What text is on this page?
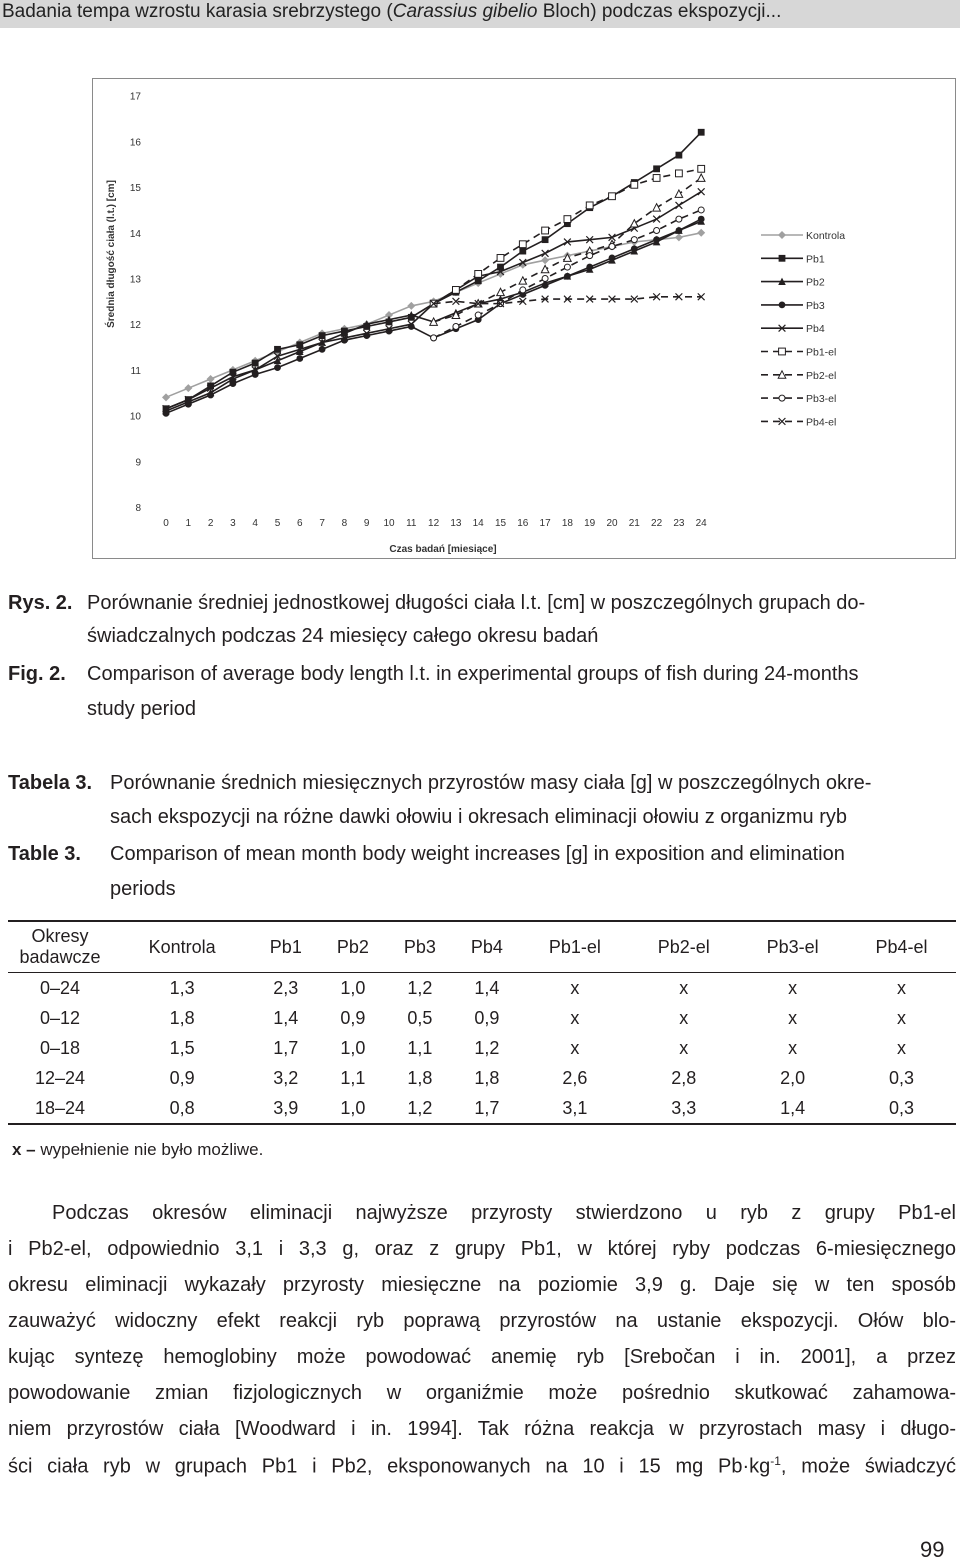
Badania tempa wzrostu karasia srebrzystego (Carassius gibelio Bloch) podczas ekspozycji...
8
9
10
11
12
13
14
15
16
17
0 1 2 3 4 5 6 7 8 9 10 11 12 13 14 15 16 17 18 19 20 21 22 23 24
Czas badań [miesiące]
Średnia długość ciała (l.t.) [cm]	Kontrola
Pb1
Pb2
Pb3
Pb4
Pb1-el
Pb2-el
Pb3-el
Pb4-el
Rys. 2. Porównanie średniej jednostkowej długości ciała l.t. [cm] w poszczególnych grupach do-
świadczalnych podczas 24 miesięcy całego okresu badań
Fig. 2. Comparison of average body length l.t. in experimental groups of fish during 24-months
study period
Tabela 3. Porównanie średnich miesięcznych przyrostów masy ciała [g] w poszczególnych okre-
sach ekspozycji na różne dawki ołowiu i okresach eliminacji ołowiu z organizmu ryb
Table 3. Comparison of mean month body weight increases [g] in exposition and elimination
periods
Okresy
badawcze	Kontrola	Pb1	Pb2	Pb3	Pb4	Pb1-el	Pb2-el	Pb3-el	Pb4-el
0–24	1,3	2,3	1,0	1,2	1,4	x	x	x	x
0–12	1,8	1,4	0,9	0,5	0,9	x	x	x	x
0–18	1,5	1,7	1,0	1,1	1,2	x	x	x	x
12–24	0,9	3,2	1,1	1,8	1,8	2,6	2,8	2,0	0,3
18–24	0,8	3,9	1,0	1,2	1,7	3,1	3,3	1,4	0,3
x – wypełnienie nie było możliwe.
Podczas okresów eliminacji najwyższe przyrosty stwierdzono u ryb z grupy Pb1-el
i Pb2-el, odpowiednio 3,1 i 3,3 g, oraz z grupy Pb1, w której ryby podczas 6-miesięcznego
okresu eliminacji wykazały przyrosty miesięczne na poziomie 3,9 g. Daje się w ten sposób
zauważyć widoczny efekt reakcji ryb poprawą przyrostów na ustanie ekspozycji. Ołów blo-
kując syntezę hemoglobiny może powodować anemię ryb [Srebočan i in. 2001], a przez
powodowanie zmian fizjologicznych w organiźmie może pośrednio skutkować zahamowa-
niem przyrostów ciała [Woodward i in. 1994]. Tak różna reakcja w przyrostach masy i długo-
ści ciała ryb w grupach Pb1 i Pb2, eksponowanych na 10 i 15 mg $Pb\cdot kg^{-1}$, może świadczyć
99
